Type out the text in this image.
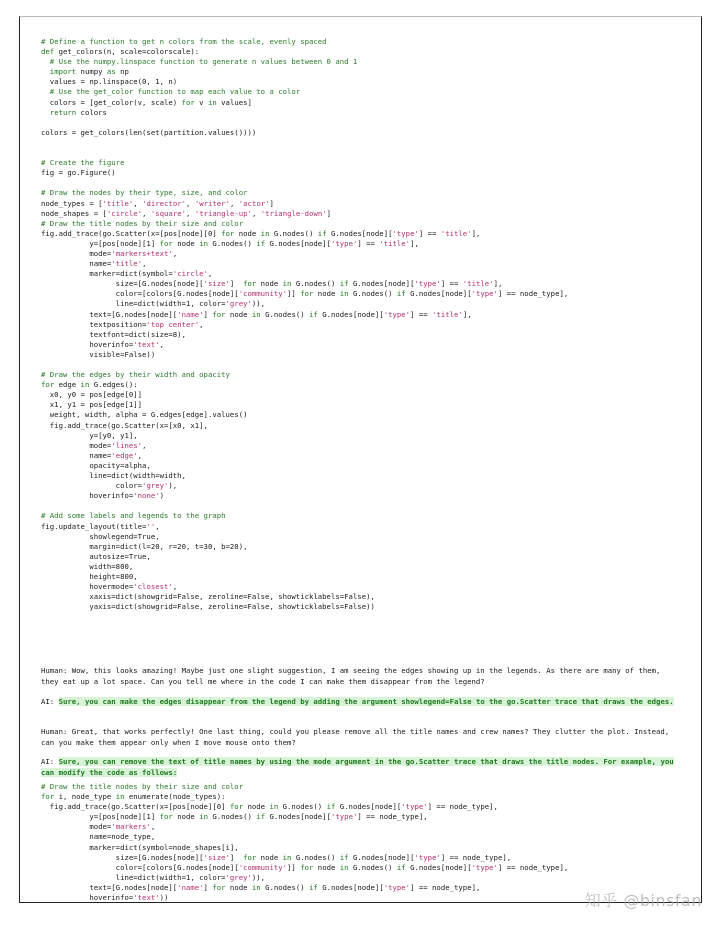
# Define a function to get n colors from the scale, evenly spaced
def get_colors(n, scale=colorscale):
# Use the numpy.linspace function to generate n values between 0 and 1
import numpy as np
values = np.linspace(0, 1, n)
# Use the get_color function to map each value to a color
colors = [get_color(v, scale) for v in values]
return colors

colors = get_colors(len(set(partition.values())))

# Create the figure
fig = go.Figure()

# Draw the nodes by their type, size, and color
node_types = ['title', 'director', 'writer', 'actor']
node_shapes = ['circle', 'square', 'triangle-up', 'triangle-down']
# Draw the title nodes by their size and color
fig.add_trace(go.Scatter(x=[pos[node][0] for node in G.nodes() if G.nodes[node]['type'] == 'title'],
y=[pos[node][1] for node in G.nodes() if G.nodes[node]['type'] == 'title'],
mode='markers+text',
name='title',
marker=dict(symbol='circle',
size=[G.nodes[node]['size']  for node in G.nodes() if G.nodes[node]['type'] == 'title'],
color=[colors[G.nodes[node]['community']] for node in G.nodes() if G.nodes[node]['type'] == node_type],
line=dict(width=1, color='grey')),
text=[G.nodes[node]['name'] for node in G.nodes() if G.nodes[node]['type'] == 'title'],
textposition='top center',
textfont=dict(size=8),
hoverinfo='text',
visible=False))

# Draw the edges by their width and opacity
for edge in G.edges():
x0, y0 = pos[edge[0]]
x1, y1 = pos[edge[1]]
weight, width, alpha = G.edges[edge].values()
fig.add_trace(go.Scatter(x=[x0, x1],
y=[y0, y1],
mode='lines',
name='edge',
opacity=alpha,
line=dict(width=width,
color='grey'),
hoverinfo='none')

# Add some labels and legends to the graph
fig.update_layout(title='',
showlegend=True,
margin=dict(l=20, r=20, t=30, b=20),
autosize=True,
width=800,
height=800,
hovermode='closest',
xaxis=dict(showgrid=False, zeroline=False, showticklabels=False),
yaxis=dict(showgrid=False, zeroline=False, showticklabels=False))
Human: Wow, this looks amazing! Maybe just one slight suggestion, I am seeing the edges showing up in the legends. As there are many of them, they eat up a lot space. Can you tell me where in the code I can make them disappear from the legend?
AI: Sure, you can make the edges disappear from the legend by adding the argument showlegend=False to the go.Scatter trace that draws the edges.
Human: Great, that works perfectly! One last thing, could you please remove all the title names and crew names? They clutter the plot. Instead, can you make them appear only when I move mouse onto them?
AI: Sure, you can remove the text of title names by using the mode argument in the go.Scatter trace that draws the title nodes. For example, you can modify the code as follows:
# Draw the title nodes by their size and color
for i, node_type in enumerate(node_types):
fig.add_trace(go.Scatter(x=[pos[node][0] for node in G.nodes() if G.nodes[node]['type'] == node_type],
y=[pos[node][1] for node in G.nodes() if G.nodes[node]['type'] == node_type],
mode='markers',
name=node_type,
marker=dict(symbol=node_shapes[i],
size=[G.nodes[node]['size']  for node in G.nodes() if G.nodes[node]['type'] == node_type],
color=[colors[G.nodes[node]['community']] for node in G.nodes() if G.nodes[node]['type'] == node_type],
line=dict(width=1, color='grey')),
text=[G.nodes[node]['name'] for node in G.nodes() if G.nodes[node]['type'] == node_type],
hoverinfo='text'))	知乎 @binsfan
